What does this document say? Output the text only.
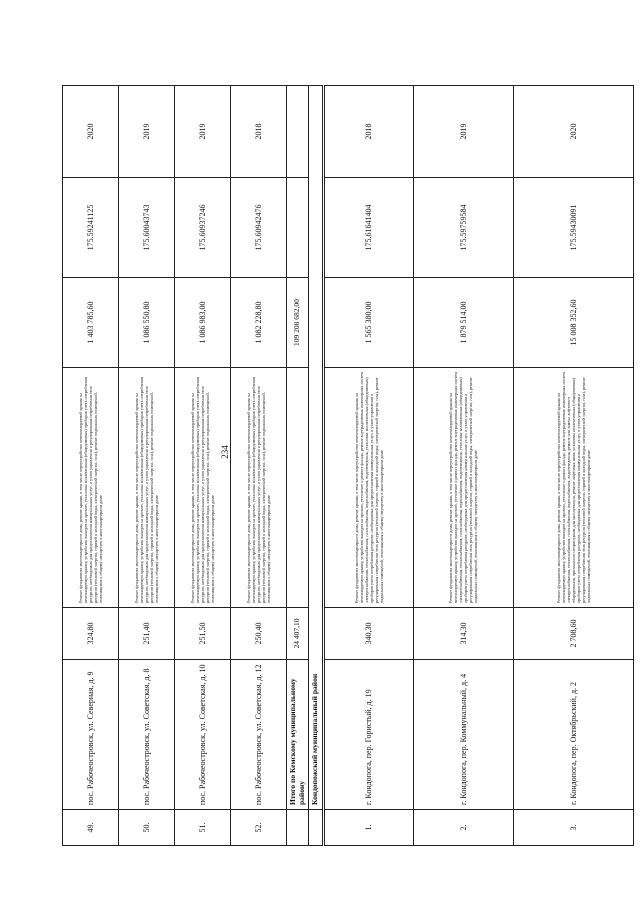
234
49.	пос. Рабочеостровск, ул. Северная, д. 9	324,80	Ремонт фундамента многоквартирного дома, ремонт крыши, в том числе переустройство невентилируемой крыши на вентилируемую крышу, устройство выходов на кровлю, установка коллективных (общедомовых) приборов учета потребления ресурсов, необходимых для предоставления коммунальных услуг, и узлов управления и регулирования потребления этих ресурсов (тепловой энергии, горячей и холодной воды, электрической энергии, газа), ремонт подвальных помещений, относящихся к общему имуществу в многоквартирном доме	1 403 785,60	175.59241125	2020
50.	пос. Рабочеостровск, ул. Советская, д. 8	251,40	Ремонт фундамента многоквартирного дома, ремонт крыши, в том числе переустройство невентилируемой крыши на вентилируемую крышу, устройство выходов на кровлю, установка коллективных (общедомовых) приборов учета потребления ресурсов, необходимых для предоставления коммунальных услуг, и узлов управления и регулирования потребления этих ресурсов (тепловой энергии, горячей и холодной воды, электрической энергии, газа), ремонт подвальных помещений, относящихся к общему имуществу в многоквартирном доме	1 086 550,80	175.60043743	2019
51.	пос. Рабочеостровск, ул. Советская, д. 10	251,50	Ремонт фундамента многоквартирного дома, ремонт крыши, в том числе переустройство невентилируемой крыши на вентилируемую крышу, устройство выходов на кровлю, установка коллективных (общедомовых) приборов учета потребления ресурсов, необходимых для предоставления коммунальных услуг, и узлов управления и регулирования потребления этих ресурсов (тепловой энергии, горячей и холодной воды, электрической энергии, газа), ремонт подвальных помещений, относящихся к общему имуществу в многоквартирном доме	1 086 983,00	175.60937246	2019
52.	пос. Рабочеостровск, ул. Советская, д. 12	250,40	Ремонт фундамента многоквартирного дома, ремонт крыши, в том числе переустройство невентилируемой крыши на вентилируемую крышу, устройство выходов на кровлю, установка коллективных (общедомовых) приборов учета потребления ресурсов, необходимых для предоставления коммунальных услуг, и узлов управления и регулирования потребления этих ресурсов (тепловой энергии, горячей и холодной воды, электрической энергии, газа), ремонт подвальных помещений, относящихся к общему имуществу в многоквартирном доме	1 082 228,80	175.60942476	2018
	Итого по Кемскому муниципальному району	24 407,10		109 208 682,00		
	Кондопожский муниципальный район					
1.	г. Кондопога, пер. Гористый, д. 19	340,30	Ремонт фундамента многоквартирного дома, ремонт крыши, в том числе переустройство невентилируемой крыши на вентилируемую крышу, устройство выходов на кровлю, утепление и ремонт фасада, ремонт внутридомовых инженерных систем электроснабжения, теплоснабжения, газоснабжения, водоснабжения, водоотведения, установка коллективных (общедомовых) приборов учета потребления ресурсов, необходимых для предоставления коммунальных услуг, и узлов управления и регулирования потребления этих ресурсов (тепловой энергии, горячей и холодной воды, электрической энергии, газа), ремонт подвальных помещений, относящихся к общему имуществу в многоквартирном доме	1 565 380,00	175.61641404	2018
2.	г. Кондопога, пер. Коммунальный, д. 4	314,30	Ремонт фундамента многоквартирного дома, ремонт крыши, в том числе переустройство невентилируемой крыши на вентилируемую крышу, устройство выходов на кровлю, утепление и ремонт фасада, ремонт внутридомовых инженерных систем электроснабжения, теплоснабжения, газоснабжения, водоснабжения, водоотведения, установка коллективных (общедомовых) приборов учета потребления ресурсов, необходимых для предоставления коммунальных услуг, и узлов управления и регулирования потребления этих ресурсов (тепловой энергии, горячей и холодной воды, электрической энергии, газа), ремонт подвальных помещений, относящихся к общему имуществу в многоквартирном доме	1 879 514,00	175.59759584	2019
3.	г. Кондопога, пер. Октябрьский, д. 2	2 708,60	Ремонт фундамента многоквартирного дома, ремонт крыши, в том числе переустройство невентилируемой крыши на вентилируемую крышу, устройство выходов на кровлю, утепление и ремонт фасада, ремонт внутридомовых инженерных систем электроснабжения, теплоснабжения, газоснабжения, водоснабжения, водоотведения, ремонт или замена лифтового оборудования, признанного непригодным для эксплуатации, ремонт лифтовых шахт, установка коллективных (общедомовых) приборов учета потребления ресурсов, необходимых для предоставления коммунальных услуг, и узлов управления и регулирования потребления этих ресурсов (тепловой энергии, горячей и холодной воды, электрической энергии, газа), ремонт подвальных помещений, относящихся к общему имуществу в многоквартирном доме	15 008 352,60	175.59430091	2020
